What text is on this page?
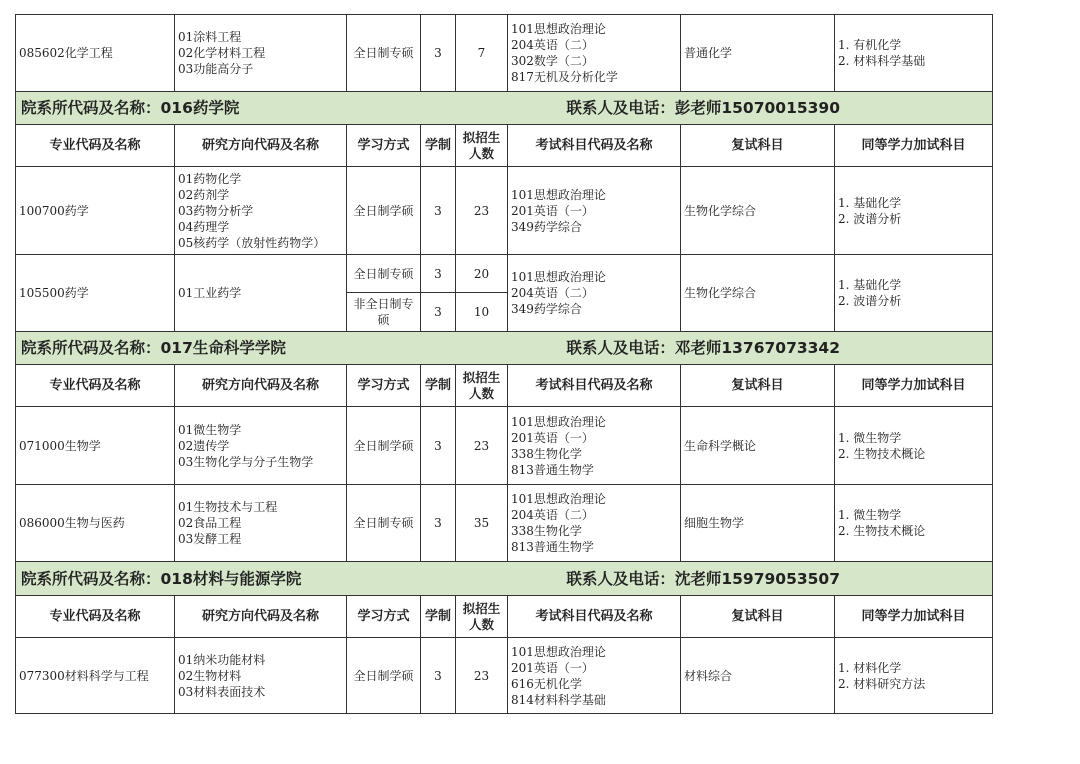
085602化学工程	01涂料工程
02化学材料工程
03功能高分子	全日制专硕	3	7	101思想政治理论
204英语（二）
302数学（二）
817无机及分析化学	普通化学	1. 有机化学
2. 材料科学基础

院系所代码及名称：016药学院 联系人及电话：彭老师15070015390							

专业代码及名称	研究方向代码及名称	学习方式	学制	拟招生人数	考试科目代码及名称	复试科目	同等学力加试科目
100700药学	01药物化学
02药剂学
03药物分析学
04药理学
05核药学（放射性药物学）	全日制学硕	3	23	101思想政治理论
201英语（一）
349药学综合	生物化学综合	1. 基础化学
2. 波谱分析

105500药学	01工业药学	全日制专硕	3	20	101思想政治理论
204英语（二）
349药学综合	生物化学综合	1. 基础化学
2. 波谱分析

		非全日制专硕	3	10			

院系所代码及名称：017生命科学学院 联系人及电话：邓老师13767073342							

专业代码及名称	研究方向代码及名称	学习方式	学制	拟招生人数	考试科目代码及名称	复试科目	同等学力加试科目
071000生物学	01微生物学
02遗传学
03生物化学与分子生物学	全日制学硕	3	23	101思想政治理论
201英语（一）
338生物化学
813普通生物学	生命科学概论	1. 微生物学
2. 生物技术概论

086000生物与医药	01生物技术与工程
02食品工程
03发酵工程	全日制专硕	3	35	101思想政治理论
204英语（二）
338生物化学
813普通生物学	细胞生物学	1. 微生物学
2. 生物技术概论

院系所代码及名称：018材料与能源学院 联系人及电话：沈老师15979053507							

专业代码及名称	研究方向代码及名称	学习方式	学制	拟招生人数	考试科目代码及名称	复试科目	同等学力加试科目
077300材料科学与工程	01纳米功能材料
02生物材料
03材料表面技术	全日制学硕	3	23	101思想政治理论
201英语（一）
616无机化学
814材料科学基础	材料综合	1. 材料化学
2. 材料研究方法
